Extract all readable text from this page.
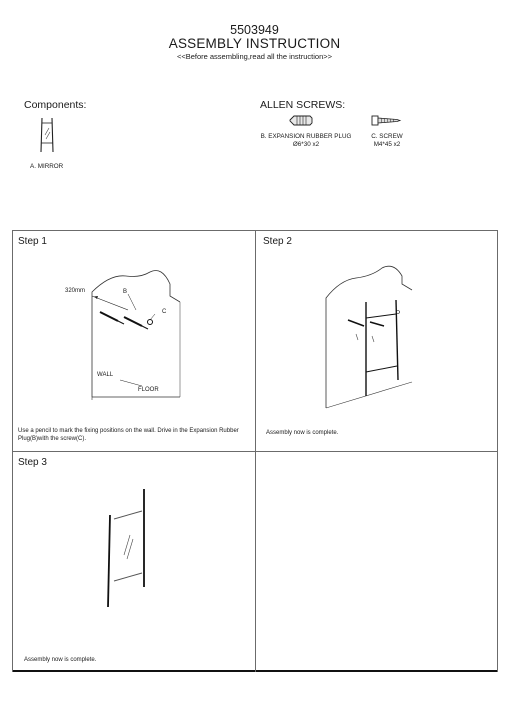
5503949
ASSEMBLY INSTRUCTION
<<Before assembling,read all the instruction>>
Components:
A. MIRROR
ALLEN SCREWS:
B. EXPANSION RUBBER PLUG
Ø6*30 x2
C. SCREW
M4*45 x2
Step 1
320mm	B
C
WALL
FLOOR
Use a pencil to mark the fixing positions on the wall. Drive in the Expansion Rubber Plug(B)with the screw(C).
Step 2
Assembly now is complete.
Step 3
Assembly now is complete.
